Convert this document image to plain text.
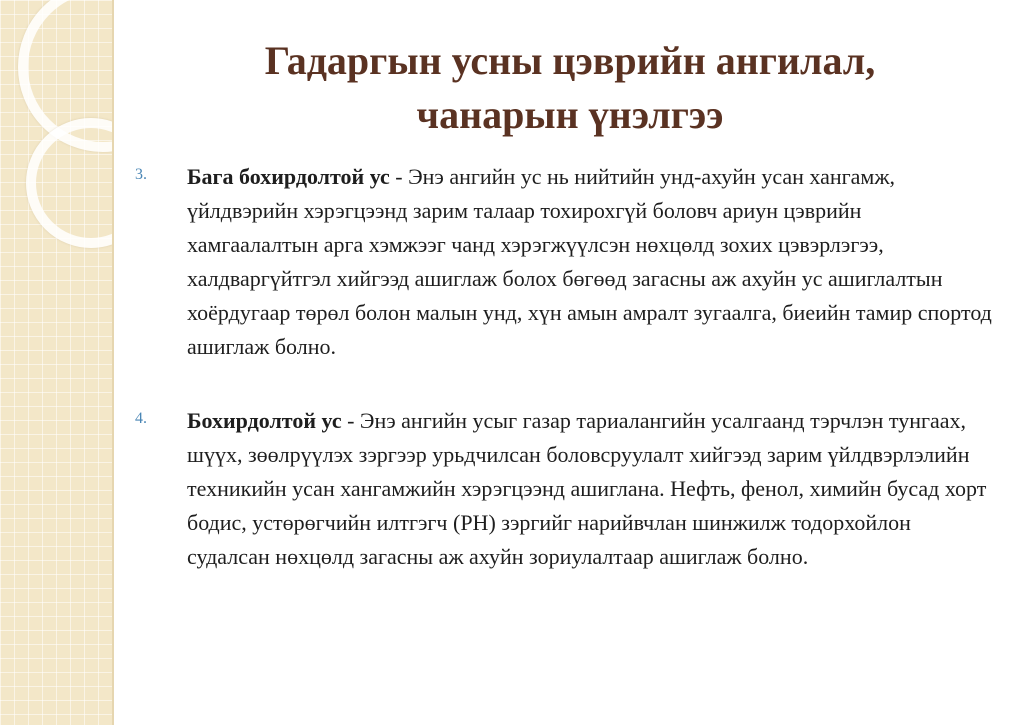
Гадаргын усны цэврийн ангилал,
чанарын үнэлгээ
3.	Бага бохирдолтой ус - Энэ ангийн ус нь нийтийн унд-ахуйн усан хангамж, үйлдвэрийн хэрэгцээнд зарим талаар тохирохгүй боловч ариун цэврийн хамгаалалтын арга хэмжээг чанд хэрэгжүүлсэн нөхцөлд зохих цэвэрлэгээ, халдваргүйтгэл хийгээд ашиглаж болох бөгөөд загасны аж ахуйн ус ашиглалтын хоёрдугаар төрөл болон малын унд, хүн амын амралт зугаалга, биеийн тамир спортод ашиглаж болно.

4.	Бохирдолтой ус - Энэ ангийн усыг газар тариалангийн усалгаанд тэрчлэн тунгаах, шүүх, зөөлрүүлэх зэргээр урьдчилсан боловсруулалт хийгээд зарим үйлдвэрлэлийн техникийн усан хангамжийн хэрэгцээнд ашиглана. Нефть, фенол, химийн бусад хорт бодис, устөрөгчийн илтгэгч (PH) зэргийг нарийвчлан шинжилж тодорхойлон судалсан нөхцөлд загасны аж ахуйн зориулалтаар ашиглаж болно.
